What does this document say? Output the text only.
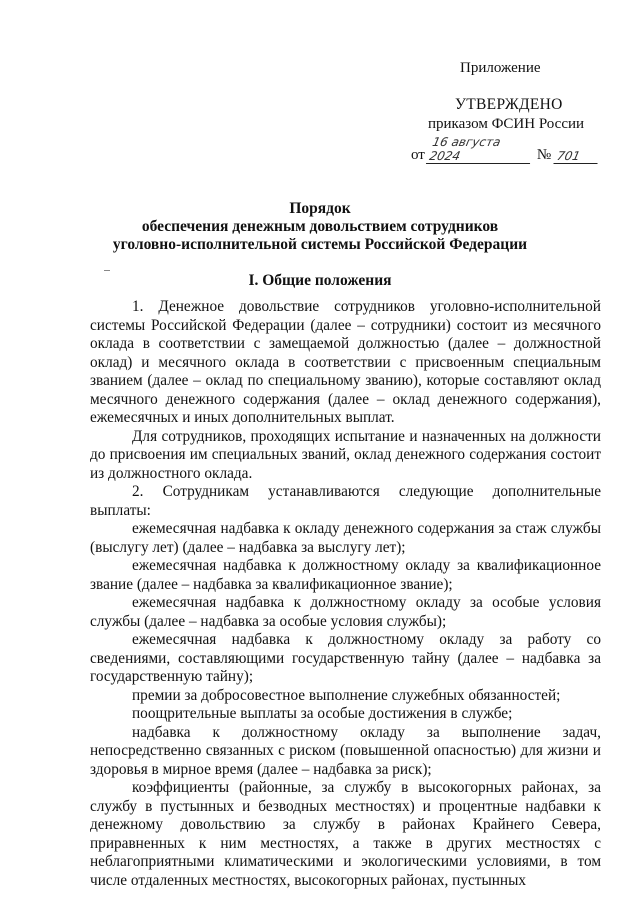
Приложение
УТВЕРЖДЕНО
приказом ФСИН России
от
16 августа 2024	№ 701
Порядок
обеспечения денежным довольствием сотрудников
уголовно-исполнительной системы Российской Федерации
I. Общие положения

1. Денежное довольствие сотрудников уголовно-исполнительной системы Российской Федерации (далее – сотрудники) состоит из месячного оклада в соответствии с замещаемой должностью (далее – должностной оклад) и месячного оклада в соответствии с присвоенным специальным званием (далее – оклад по специальному званию), которые составляют оклад месячного денежного содержания (далее – оклад денежного содержания), ежемесячных и иных дополнительных выплат.

Для сотрудников, проходящих испытание и назначенных на должности до присвоения им специальных званий, оклад денежного содержания состоит из должностного оклада.

2. Сотрудникам устанавливаются следующие дополнительные выплаты:

ежемесячная надбавка к окладу денежного содержания за стаж службы (выслугу лет) (далее – надбавка за выслугу лет);

ежемесячная надбавка к должностному окладу за квалификационное звание (далее – надбавка за квалификационное звание);

ежемесячная надбавка к должностному окладу за особые условия службы (далее – надбавка за особые условия службы);

ежемесячная надбавка к должностному окладу за работу со сведениями, составляющими государственную тайну (далее – надбавка за государственную тайну);

премии за добросовестное выполнение служебных обязанностей;

поощрительные выплаты за особые достижения в службе;

надбавка к должностному окладу за выполнение задач, непосредственно связанных с риском (повышенной опасностью) для жизни и здоровья в мирное время (далее – надбавка за риск);

коэффициенты (районные, за службу в высокогорных районах, за службу в пустынных и безводных местностях) и процентные надбавки к денежному довольствию за службу в районах Крайнего Севера, приравненных к ним местностях, а также в других местностях с неблагоприятными климатическими и экологическими условиями, в том числе отдаленных местностях, высокогорных районах, пустынных
